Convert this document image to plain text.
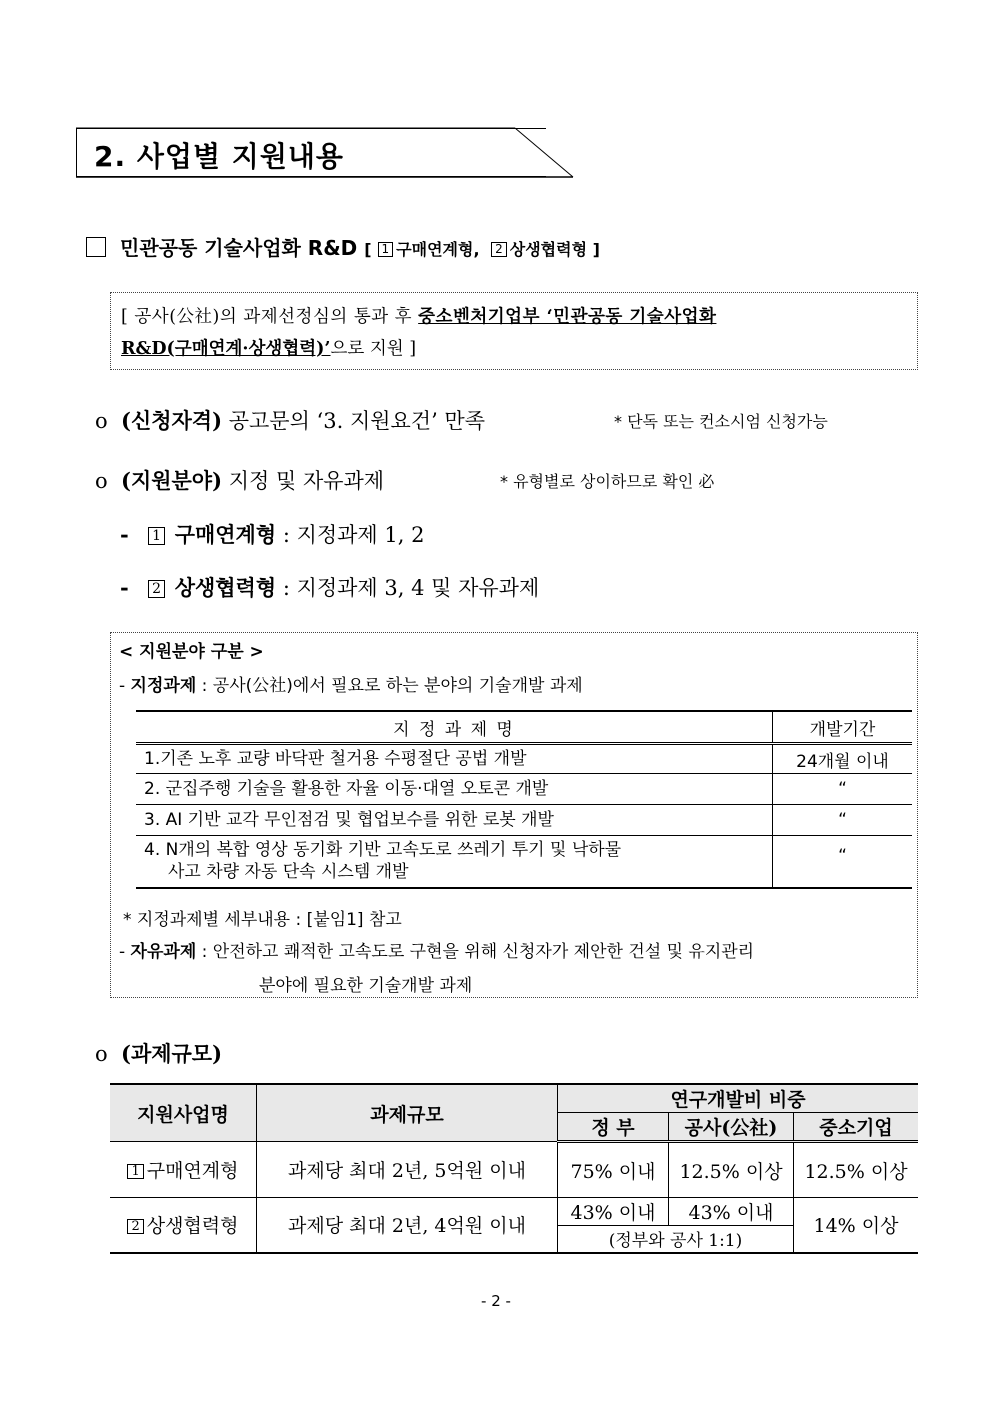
2. 사업별 지원내용
민관공동 기술사업화 R&D [ 1 구매연계형, 2 상생협력형 ]
[ 공사(公社)의 과제선정심의 통과 후 중소벤처기업부 ‘민관공동 기술사업화
R&D(구매연계·상생협력)’으로 지원 ]
o (신청자격) 공고문의 ‘3. 지원요건’ 만족	* 단독 또는 컨소시엄 신청가능
o (지원분야) 지정 및 자유과제	* 유형별로 상이하므로 확인 必
- 1 구매연계형 : 지정과제 1, 2
- 2 상생협력형 : 지정과제 3, 4 및 자유과제
< 지원분야 구분 >
- 지정과제 : 공사(公社)에서 필요로 하는 분야의 기술개발 과제
지 정 과 제 명	개발기간
1.기존 노후 교량 바닥판 철거용 수평절단 공법 개발	24개월 이내
2. 군집주행 기술을 활용한 자율 이동·대열 오토콘 개발	“
3. AI 기반 교각 무인점검 및 협업보수를 위한 로봇 개발	“

4. N개의 복합 영상 동기화 기반 고속도로 쓰레기 투기 및 낙하물
사고 차량 자동 단속 시스템 개발	“
* 지정과제별 세부내용 : [붙임1] 참고
- 자유과제 : 안전하고 쾌적한 고속도로 구현을 위해 신청자가 제안한 건설 및 유지관리
분야에 필요한 기술개발 과제
o (과제규모)
지원사업명	과제규모	연구개발비 비중		
		정 부	공사(公社)	중소기업
1 구매연계형	과제당 최대 2년, 5억원 이내	75% 이내	12.5% 이상	12.5% 이상
2 상생협력형	과제당 최대 2년, 4억원 이내	43% 이내	43% 이내	14% 이상
		(정부와 공사 1:1)		
- 2 -
